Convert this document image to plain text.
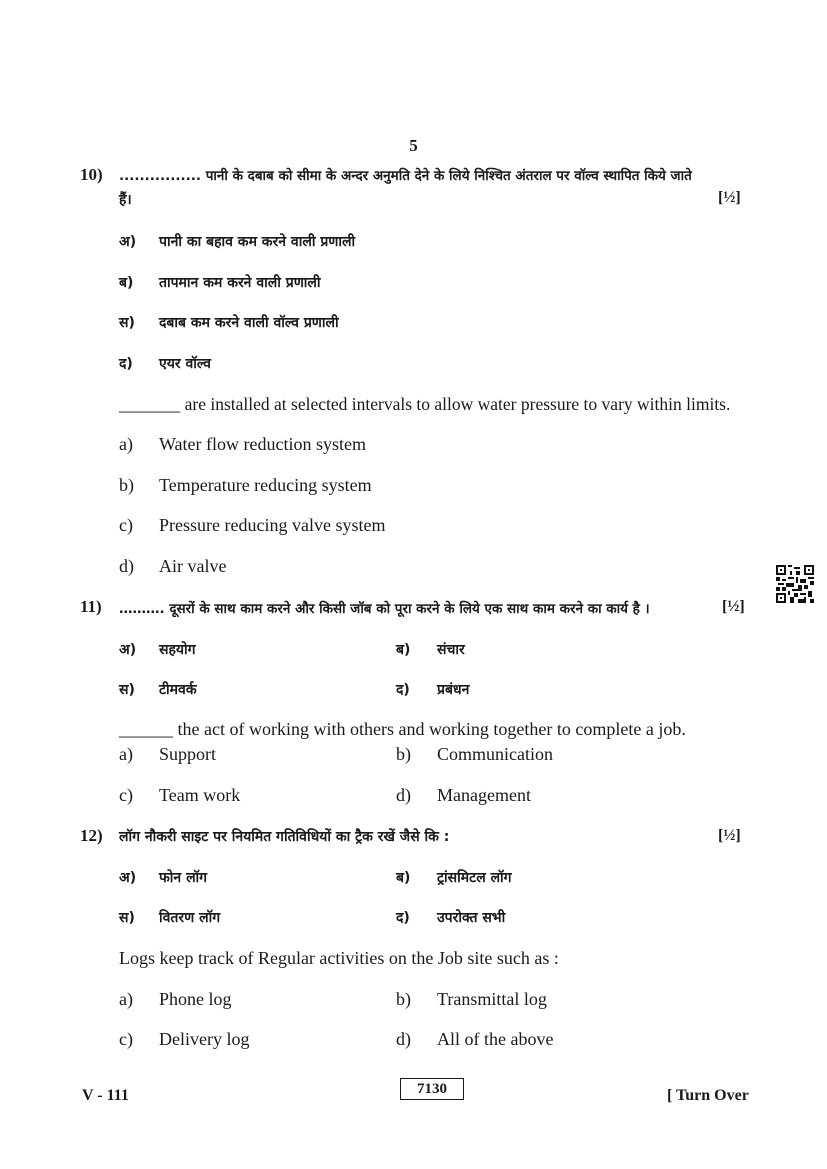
5
10) ................ पानी के दबाब को सीमा के अन्दर अनुमति देने के लिये निश्चित अंतराल पर वॉल्व स्थापित किये जाते
हैं।	[½]
अ) पानी का बहाव कम करने वाली प्रणाली
ब) तापमान कम करने वाली प्रणाली
स) दबाब कम करने वाली वॉल्व प्रणाली
द) एयर वॉल्व
_______ are installed at selected intervals to allow water pressure to vary within limits.
a) Water flow reduction system
b) Temperature reducing system
c) Pressure reducing valve system
d) Air valve
11) ………. दूसरों के साथ काम करने और किसी जॉब को पूरा करने के लिये एक साथ काम करने का कार्य है ।	[½]
अ) सहयोग	ब) संचार
स) टीमवर्क	द) प्रबंधन
______ the act of working with others and working together to complete a job.
a) Support	b) Communication
c) Team work	d) Management
12) लॉग नौकरी साइट पर नियमित गतिविधियों का ट्रैक रखें जैसे कि :	[½]
अ) फोन लॉग	ब) ट्रांसमिटल लॉग
स) वितरण लॉग	द) उपरोक्त सभी
Logs keep track of Regular activities on the Job site such as :
a) Phone log	b) Transmittal log
c) Delivery log	d) All of the above
V - 111	7130	[ Turn Over
